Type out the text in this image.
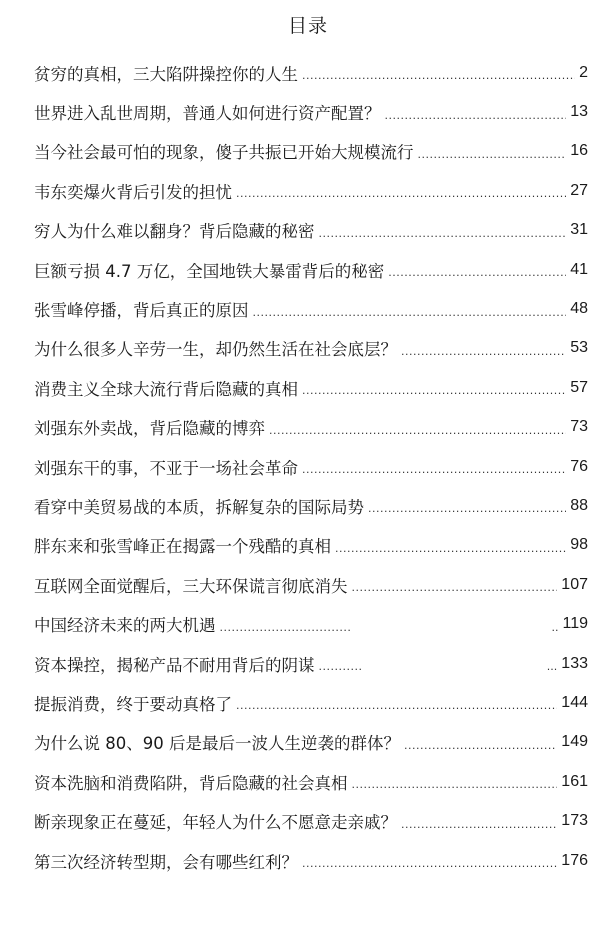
目录
贫穷的真相，三大陷阱操控你的人生 .....	2
世界进入乱世周期，普通人如何进行资产配置？ .....	13
当今社会最可怕的现象，傻子共振已开始大规模流行 .....	16
韦东奕爆火背后引发的担忧 .....	27
穷人为什么难以翻身？背后隐藏的秘密 .....	31
巨额亏损 4.7 万亿，全国地铁大暴雷背后的秘密 .....	41
张雪峰停播，背后真正的原因 .....	48
为什么很多人辛劳一生，却仍然生活在社会底层？ .....	53
消费主义全球大流行背后隐藏的真相 .....	57
刘强东外卖战，背后隐藏的博弈 .....	73
刘强东干的事，不亚于一场社会革命 .....	76
看穿中美贸易战的本质，拆解复杂的国际局势 .....	88
胖东来和张雪峰正在揭露一个残酷的真相 .....	98
互联网全面觉醒后，三大环保谎言彻底消失 .....	107
中国经济未来的两大机遇 .....	.. 119
资本操控，揭秘产品不耐用背后的阴谋 .....	... 133
提振消费，终于要动真格了 .....	144
为什么说 80、90 后是最后一波人生逆袭的群体？ .....	149
资本洗脑和消费陷阱，背后隐藏的社会真相 .....	161
断亲现象正在蔓延，年轻人为什么不愿意走亲戚？ .....	173
第三次经济转型期，会有哪些红利？ .....	176
